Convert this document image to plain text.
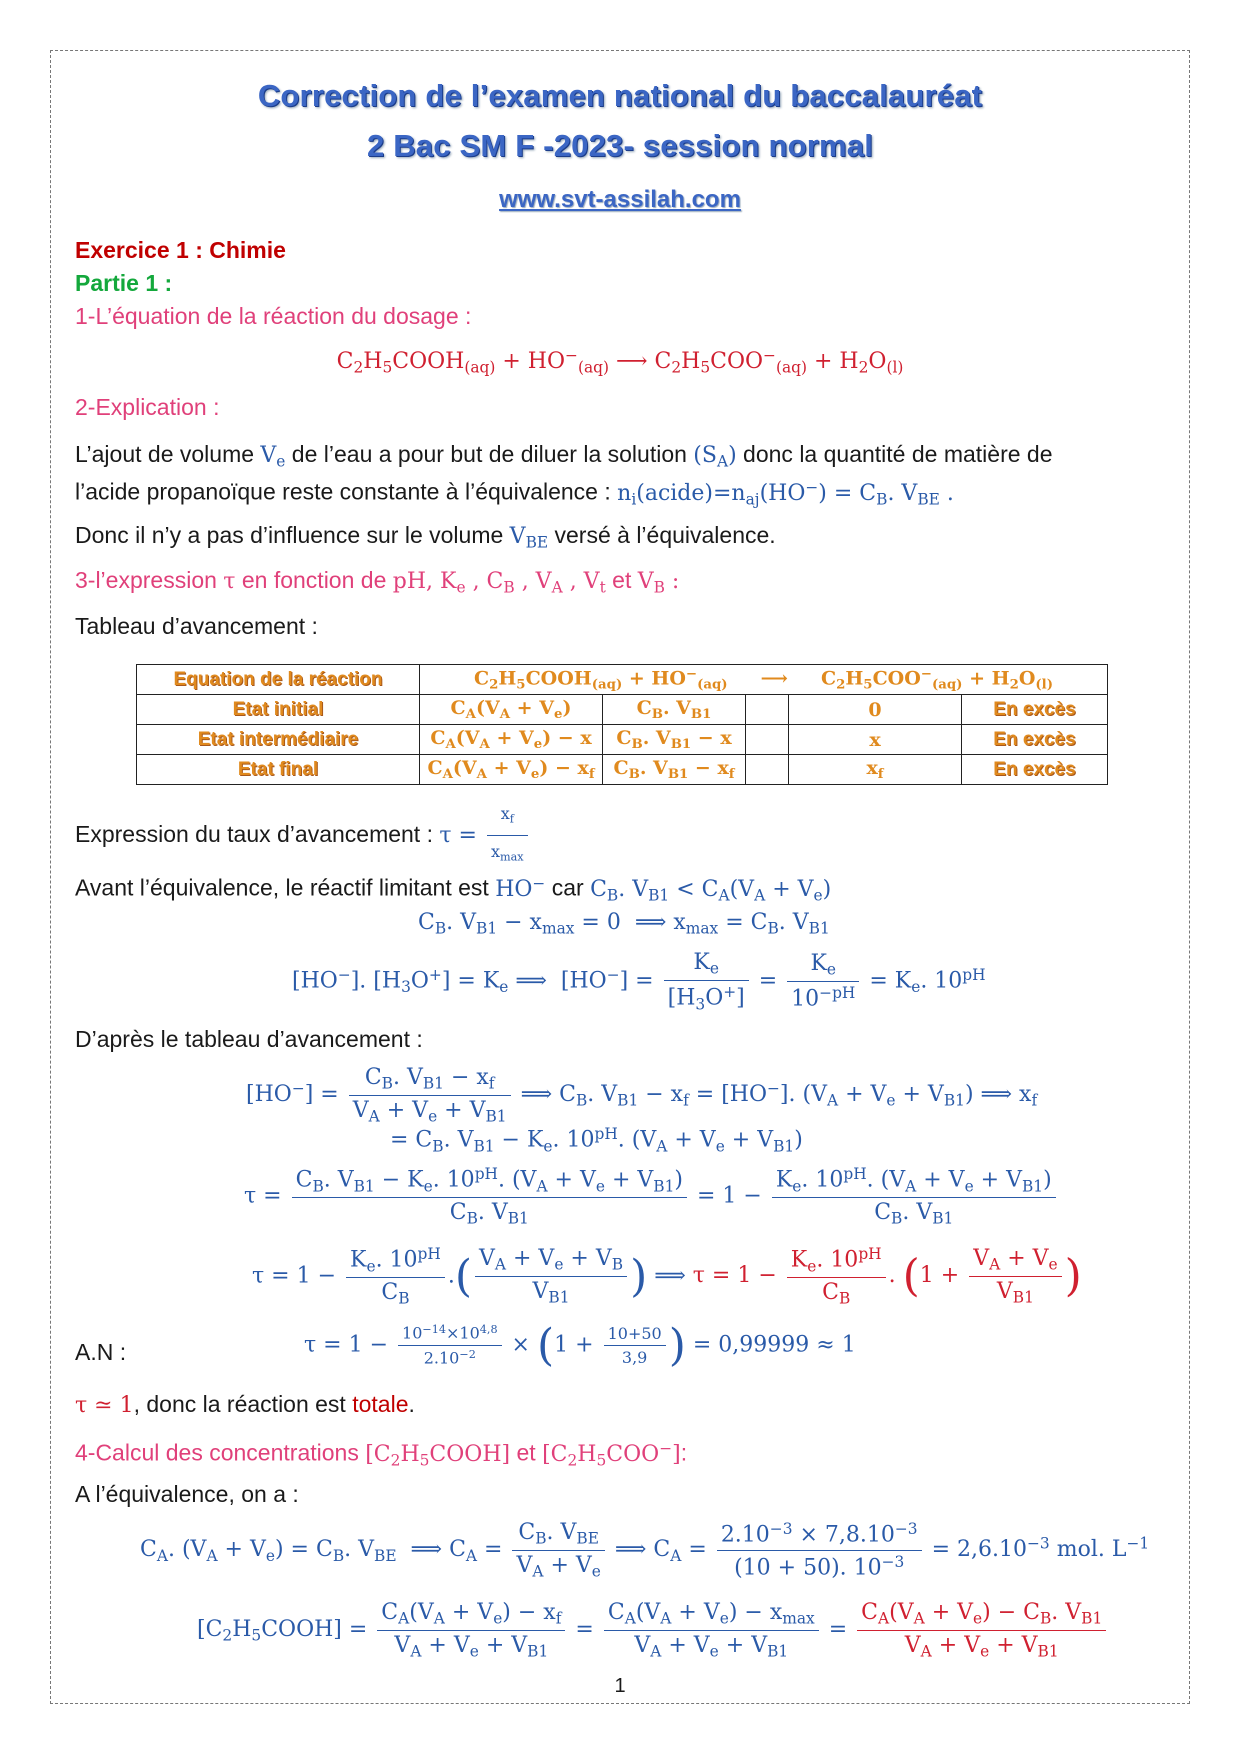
Correction de l’examen national du baccalauréat
2 Bac SM F -2023- session normal
www.svt-assilah.com
Exercice 1 : Chimie
Partie 1 :
1-L’équation de la réaction du dosage :
$C_2H_5COOH_{(aq)} + HO^-_{(aq)}$ ⟶ $C_2H_5COO^-_{(aq)} + H_2O_{(l)}$
2-Explication :
L’ajout de volume $V_e$ de l’eau a pour but de diluer la solution $(S_A)$ donc la quantité de matière de
l’acide propanoïque reste constante à l’équivalence : $n_i(acide)=n_{aj}(HO^-) = C_B$. $V_{BE}$ .
Donc il n’y a pas d’influence sur le volume $V_{BE}$ versé à l’équivalence.
3-l’expression τ en fonction de pH, $K_e$ , $C_B$ , $V_A$ , $V_t$ et $V_B$ :
Tableau d’avancement :
Equation de la réaction	$C_2H_5COOH_{(aq)} + HO^-_{(aq)}$     ⟶     $C_2H_5COO^-_{(aq)} + H_2O_{(l)}$
Etat initial	$C_A(V_A + V_e)$	$C_B$. $V_{B1}$		0	En excès
Etat intermédiaire	$C_A(V_A + V_e) - x$	$C_B$. $V_{B1} - x$		x	En excès
Etat final	$C_A(V_A + V_e) - x_f$	$C_B$. $V_{B1} - x_f$		$x_f$	En excès
Expression du taux d’avancement : τ =
$x_f$
$x_{max}$
Avant l’équivalence, le réactif limitant est HO− car $C_B$. $V_{B1} < C_A(V_A + V_e)$
$C_B$. $V_{B1} - x_{max} = 0$  ⟹ $x_{max} = C_B$. $V_{B1}$
[HO−]. $[H_3O^+] = K_e$ ⟹  $[HO^-] = \frac{K_e}{[H_3O^+]} = \frac{K_e}{10^{-pH}} = K_e$. $10^{pH}$
D’après le tableau d’avancement :
$[HO^-] = \frac{C_B. V_{B1} - x_f}{V_A + V_e + V_{B1}}$ ⟹ $C_B$. $V_{B1} - x_f = [HO^-]$. $(V_A + V_e + V_{B1})$ ⟹ $x_f$
= $C_B$. $V_{B1} - K_e$. $10^{pH}$. $(V_A + V_e + V_{B1})$
$\tau = \frac{C_B. V_{B1} - K_e. 10^{pH}. (V_A + V_e + V_{B1})}{C_B. V_{B1}} = 1 - \frac{K_e. 10^{pH}. (V_A + V_e + V_{B1})}{C_B. V_{B1}}$
$\tau = 1 - \frac{K_e. 10^{pH}}{C_B}$ .( $\frac{V_A + V_e + V_B}{V_{B1}}$ ) ⟹ $\tau = 1 - \frac{K_e. 10^{pH}}{C_B}$ . ($1 + \frac{V_A + V_e}{V_{B1}}$ )
A.N :	$\tau = 1 - \frac{10^{-14}\times 10^{4,8}}{2.10^{-2}} \times (1 + \frac{10+50}{3,9}$ ) = 0,99999 ≈ 1
τ ≃ 1, donc la réaction est totale.
4-Calcul des concentrations $[C_2H_5COOH]$ et $[C_2H_5COO^-]$:
A l’équivalence, on a :
$C_A$. $(V_A + V_e) = C_B$. $V_{BE}$  ⟹ $C_A$ =
$C_B$. $V_{BE}$
$V_A + V_e$
⟹ $C_A = \frac{2.10^{-3} \times 7,8.10^{-3}}{(10 + 50). 10^{-3}} = 2,6.10^{-3}$ mol. $L^{-1}$
$[C_2H_5COOH] = \frac{C_A(V_A + V_e) - x_f}{V_A + V_e + V_{B1}}$ =
$C_A(V_A + V_e) - x_{max}$
$V_A + V_e + V_{B1}$
= $\frac{C_A(V_A + V_e) - C_B. V_{B1}}{V_A + V_e + V_{B1}}$
1
